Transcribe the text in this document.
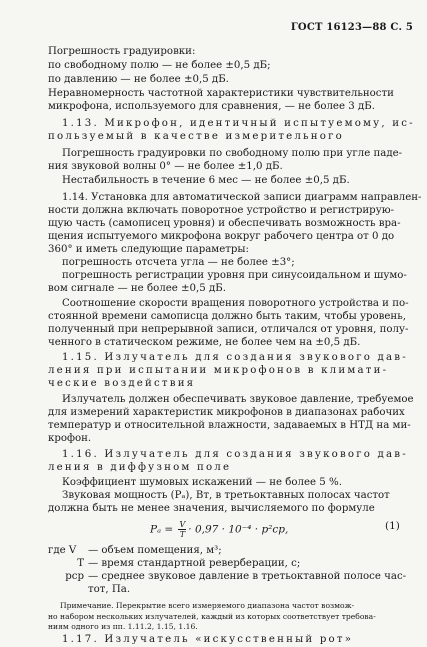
ГОСТ 16123—88 С. 5
Погрешность градуировки:
по свободному полю — не более ±0,5 дБ;
по давлению — не более ±0,5 дБ.
Неравномерность частотной характеристики чувствительности
микрофона, используемого для сравнения, — не более 3 дБ.
1.13. Микрофон, идентичный испытуемому, ис-
пользуемый в качестве измерительного
Погрешность градуировки по свободному полю при угле паде-
ния звуковой волны 0° — не более ±1,0 дБ.
Нестабильность в течение 6 мес — не более ±0,5 дБ.
1.14. Установка для автоматической записи диаграмм направлен-
ности должна включать поворотное устройство и регистрирую-
щую часть (самописец уровня) и обеспечивать возможность вра-
щения испытуемого микрофона вокруг рабочего центра от 0 до
360° и иметь следующие параметры:
погрешность отсчета угла — не более ±3°;
погрешность регистрации уровня при синусоидальном и шумо-
вом сигнале — не более ±0,5 дБ.
Соотношение скорости вращения поворотного устройства и по-
стоянной времени самописца должно быть таким, чтобы уровень,
полученный при непрерывной записи, отличался от уровня, полу-
ченного в статическом режиме, не более чем на ±0,5 дБ.
1.15. Излучатель для создания звукового дав-
ления при испытании микрофонов в климати-
ческие воздействия
Излучатель должен обеспечивать звуковое давление, требуемое
для измерений характеристик микрофонов в диапазонах рабочих
температур и относительной влажности, задаваемых в НТД на ми-
крофон.
1.16. Излучатель для создания звукового дав-
ления в диффузном поле
Коэффициент шумовых искажений — не более 5 %.
Звуковая мощность (Pₐ), Вт, в третьоктавных полосах частот
должна быть не менее значения, вычисляемого по формуле
$P_a = \frac{V}{T} \cdot 0,97 \cdot 10^{-4} \cdot p^2ср$,	(1)
где V — объем помещения, м³;
T — время стандартной реверберации, с;
pср — среднее звуковое давление в третьоктавной полосе час-
тот, Па.
Примечание. Перекрытие всего измеряемого диапазона частот возмож-
но набором нескольких излучателей, каждый из которых соответствует требова-
ниям одного из пп. 1.11.2, 1.15, 1.16.
1.17. Излучатель «искусственный рот»
